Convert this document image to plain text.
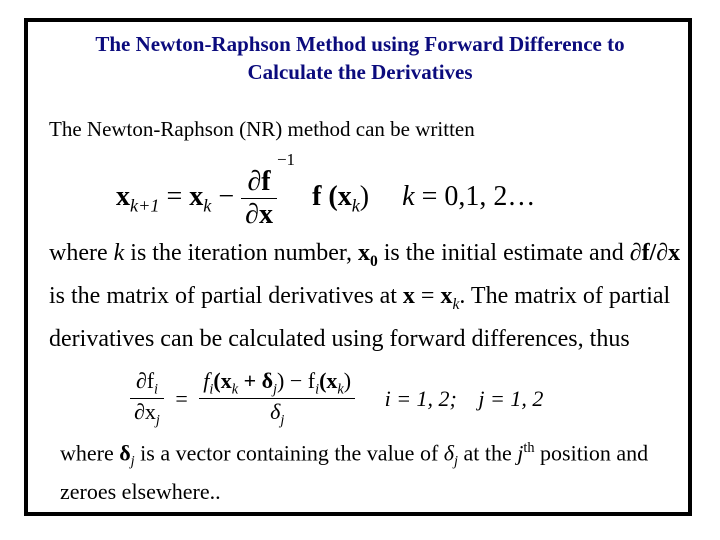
The Newton-Raphson Method using Forward Difference to
Calculate the Derivatives
The Newton-Raphson (NR) method can be written
$x_{k+1} = x_k - \frac{\partial f}{\partial x}$
$^{-1}$ f $(x_k) k = 0,1$, 2…
where k is the iteration number, $x_0$ is the initial estimate and ∂f/∂x is the matrix of partial derivatives at $x = x_k$. The matrix of partial derivatives can be calculated using forward differences, thus
$\frac{\partial f_i}{\partial x_j} = \frac{f_i(x_k + \delta_j) - f_i(x_k)}{\delta_j}$ i = 1, 2; j = 1, 2
where $\delta_j$ is a vector containing the value of $\delta_j$ at the $j^{th}$ position and zeroes elsewhere..
